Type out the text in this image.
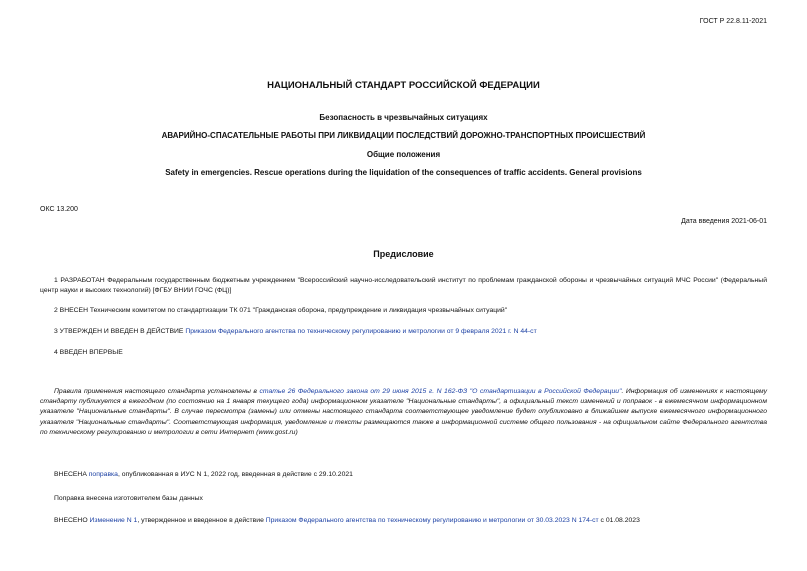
ГОСТ Р 22.8.11-2021
НАЦИОНАЛЬНЫЙ СТАНДАРТ РОССИЙСКОЙ ФЕДЕРАЦИИ
Безопасность в чрезвычайных ситуациях
АВАРИЙНО-СПАСАТЕЛЬНЫЕ РАБОТЫ ПРИ ЛИКВИДАЦИИ ПОСЛЕДСТВИЙ ДОРОЖНО-ТРАНСПОРТНЫХ ПРОИСШЕСТВИЙ
Общие положения
Safety in emergencies. Rescue operations during the liquidation of the consequences of traffic accidents. General provisions
ОКС 13.200
Дата введения 2021-06-01
Предисловие
1 РАЗРАБОТАН Федеральным государственным бюджетным учреждением "Всероссийский научно-исследовательский институт по проблемам гражданской обороны и чрезвычайных ситуаций МЧС России" (Федеральный центр науки и высоких технологий) [ФГБУ ВНИИ ГОЧС (ФЦ)]
2 ВНЕСЕН Техническим комитетом по стандартизации ТК 071 "Гражданская оборона, предупреждение и ликвидация чрезвычайных ситуаций"
3 УТВЕРЖДЕН И ВВЕДЕН В ДЕЙСТВИЕ Приказом Федерального агентства по техническому регулированию и метрологии от 9 февраля 2021 г. N 44-ст
4 ВВЕДЕН ВПЕРВЫЕ
Правила применения настоящего стандарта установлены в статье 26 Федерального закона от 29 июня 2015 г. N 162-ФЗ "О стандартизации в Российской Федерации". Информация об изменениях к настоящему стандарту публикуется в ежегодном (по состоянию на 1 января текущего года) информационном указателе "Национальные стандарты", а официальный текст изменений и поправок - в ежемесячном информационном указателе "Национальные стандарты". В случае пересмотра (замены) или отмены настоящего стандарта соответствующее уведомление будет опубликовано в ближайшем выпуске ежемесячного информационного указателя "Национальные стандарты". Соответствующая информация, уведомление и тексты размещаются также в информационной системе общего пользования - на официальном сайте Федерального агентства по техническому регулированию и метрологии в сети Интернет (www.gost.ru)
ВНЕСЕНА поправка, опубликованная в ИУС N 1, 2022 год, введенная в действие с 29.10.2021
Поправка внесена изготовителем базы данных
ВНЕСЕНО Изменение N 1, утвержденное и введенное в действие Приказом Федерального агентства по техническому регулированию и метрологии от 30.03.2023 N 174-ст с 01.08.2023
